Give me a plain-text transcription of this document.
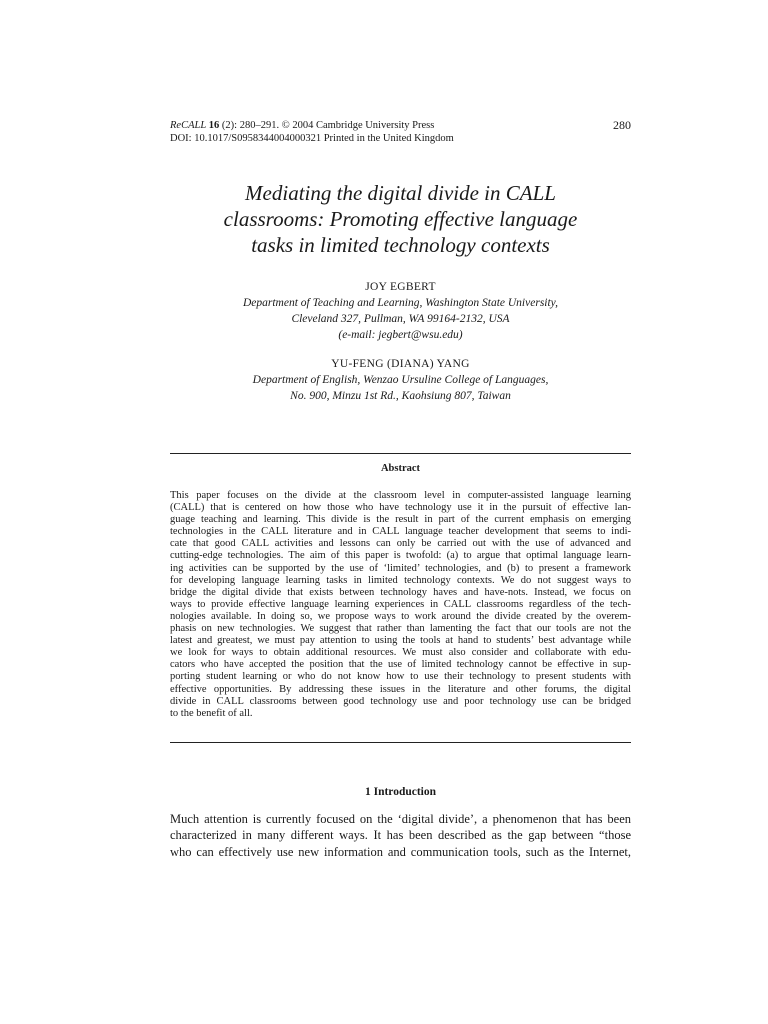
ReCALL 16 (2): 280–291. © 2004 Cambridge University Press
DOI: 10.1017/S0958344004000321 Printed in the United Kingdom
280
Mediating the digital divide in CALL
classrooms: Promoting effective language
tasks in limited technology contexts
JOY EGBERT
Department of Teaching and Learning, Washington State University,
Cleveland 327, Pullman, WA 99164-2132, USA
(e-mail: jegbert@wsu.edu)
YU-FENG (DIANA) YANG
Department of English, Wenzao Ursuline College of Languages,
No. 900, Minzu 1st Rd., Kaohsiung 807, Taiwan
Abstract
This paper focuses on the divide at the classroom level in computer-assisted language learning
(CALL) that is centered on how those who have technology use it in the pursuit of effective lan-
guage teaching and learning. This divide is the result in part of the current emphasis on emerging
technologies in the CALL literature and in CALL language teacher development that seems to indi-
cate that good CALL activities and lessons can only be carried out with the use of advanced and
cutting-edge technologies. The aim of this paper is twofold: (a) to argue that optimal language learn-
ing activities can be supported by the use of ‘limited’ technologies, and (b) to present a framework
for developing language learning tasks in limited technology contexts. We do not suggest ways to
bridge the digital divide that exists between technology haves and have-nots. Instead, we focus on
ways to provide effective language learning experiences in CALL classrooms regardless of the tech-
nologies available. In doing so, we propose ways to work around the divide created by the overem-
phasis on new technologies. We suggest that rather than lamenting the fact that our tools are not the
latest and greatest, we must pay attention to using the tools at hand to students’ best advantage while
we look for ways to obtain additional resources. We must also consider and collaborate with edu-
cators who have accepted the position that the use of limited technology cannot be effective in sup-
porting student learning or who do not know how to use their technology to present students with
effective opportunities. By addressing these issues in the literature and other forums, the digital
divide in CALL classrooms between good technology use and poor technology use can be bridged
to the benefit of all.
1 Introduction
Much attention is currently focused on the ‘digital divide’, a phenomenon that has been
characterized in many different ways. It has been described as the gap between “those
who can effectively use new information and communication tools, such as the Internet,
